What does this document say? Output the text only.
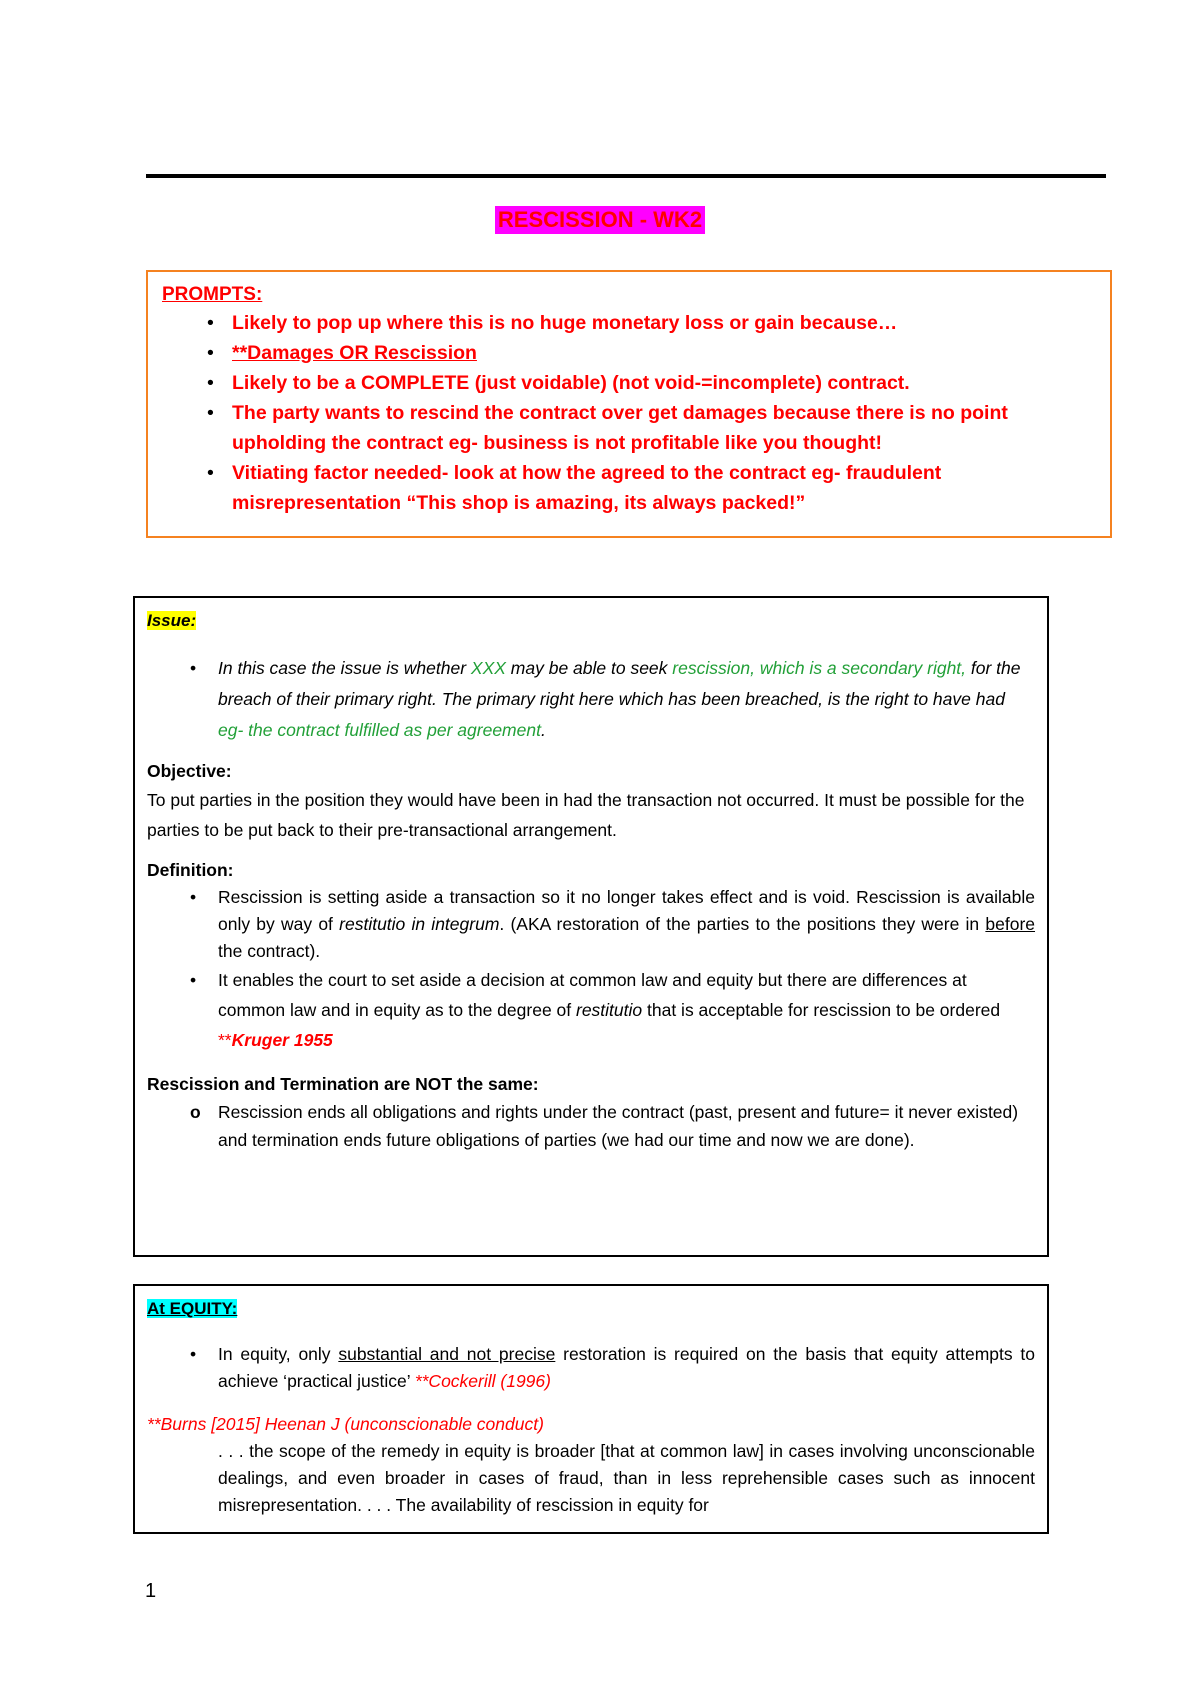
RESCISSION - WK2
PROMPTS:
• Likely to pop up where this is no huge monetary loss or gain because…
• **Damages OR Rescission
• Likely to be a COMPLETE (just voidable) (not void-=incomplete) contract.
• The party wants to rescind the contract over get damages because there is no point upholding the contract eg- business is not profitable like you thought!
• Vitiating factor needed- look at how the agreed to the contract eg- fraudulent misrepresentation “This shop is amazing, its always packed!”
Issue:
• In this case the issue is whether XXX may be able to seek rescission, which is a secondary right, for the breach of their primary right. The primary right here which has been breached, is the right to have had eg- the contract fulfilled as per agreement.
Objective:
To put parties in the position they would have been in had the transaction not occurred. It must be possible for the parties to be put back to their pre-transactional arrangement.
Definition:
• Rescission is setting aside a transaction so it no longer takes effect and is void. Rescission is available only by way of restitutio in integrum. (AKA restoration of the parties to the positions they were in before the contract).
• It enables the court to set aside a decision at common law and equity but there are differences at common law and in equity as to the degree of restitutio that is acceptable for rescission to be ordered **Kruger 1955
Rescission and Termination are NOT the same:
o Rescission ends all obligations and rights under the contract (past, present and future= it never existed) and termination ends future obligations of parties (we had our time and now we are done).
At EQUITY:
• In equity, only substantial and not precise restoration is required on the basis that equity attempts to achieve ‘practical justice’ **Cockerill (1996)
**Burns [2015] Heenan J (unconscionable conduct)
. . . the scope of the remedy in equity is broader [that at common law] in cases involving unconscionable dealings, and even broader in cases of fraud, than in less reprehensible cases such as innocent misrepresentation. . . . The availability of rescission in equity for
1
